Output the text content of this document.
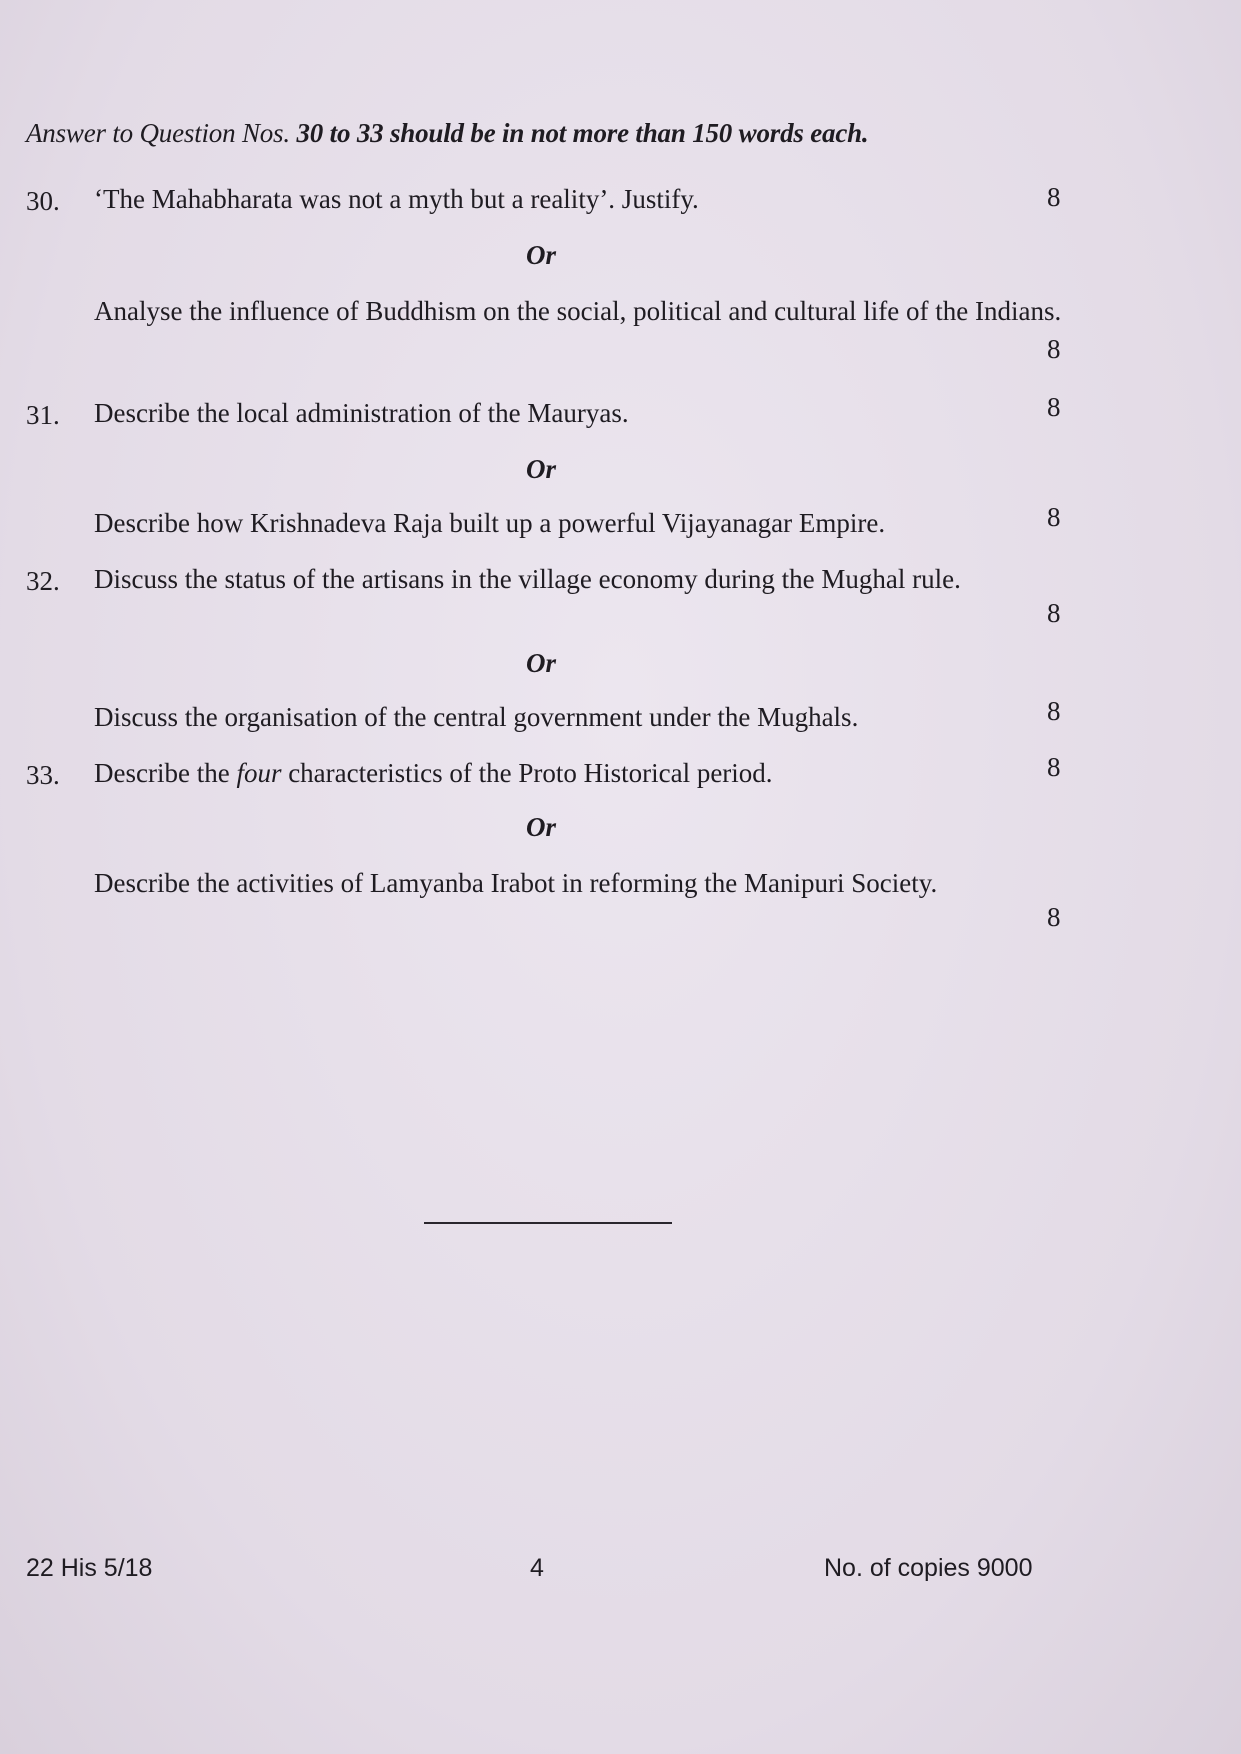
Answer to Question Nos. 30 to 33 should be in not more than 150 words each.
30. ‘The Mahabharata was not a myth but a reality’. Justify.	8
Or
Analyse the influence of Buddhism on the social, political and cultural life of the Indians.
8
31. Describe the local administration of the Mauryas.	8
Or
Describe how Krishnadeva Raja built up a powerful Vijayanagar Empire.	8
32. Discuss the status of the artisans in the village economy during the Mughal rule.
8
Or
Discuss the organisation of the central government under the Mughals.	8
33. Describe the four characteristics of the Proto Historical period.	8
Or
Describe the activities of Lamyanba Irabot in reforming the Manipuri Society.
8
22 His 5/18	4	No. of copies 9000
